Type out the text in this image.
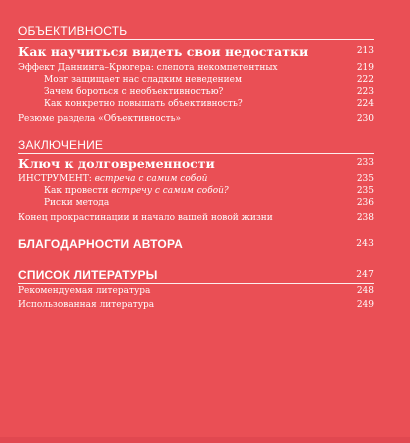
ОБЪЕКТИВНОСТЬ
Как научиться видеть свои недостатки	213
Эффект Даннинга–Крюгера: слепота некомпетентных	219
Мозг защищает нас сладким неведением	222
Зачем бороться с необъективностью?	223
Как конкретно повышать объективность?	224
Резюме раздела «Объективность»	230
ЗАКЛЮЧЕНИЕ
Ключ к долговременности	233
ИНСТРУМЕНТ: встреча с самим собой	235
Как провести встречу с самим собой?	235
Риски метода	236
Конец прокрастинации и начало вашей новой жизни	238
БЛАГОДАРНОСТИ АВТОРА	243
СПИСОК ЛИТЕРАТУРЫ	247
Рекомендуемая литература	248
Использованная литература	249
